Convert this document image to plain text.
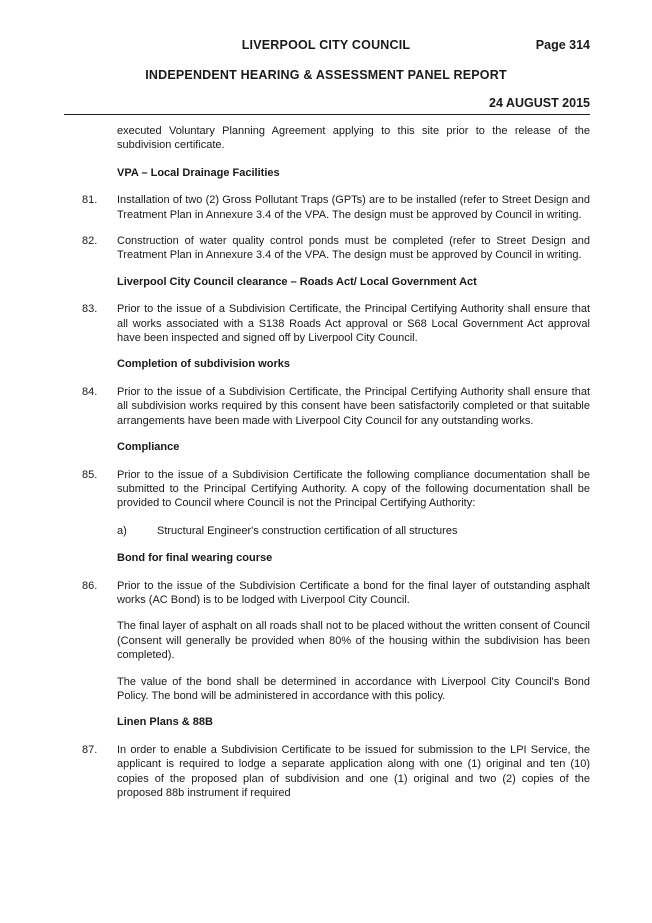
LIVERPOOL CITY COUNCIL	Page 314
INDEPENDENT HEARING & ASSESSMENT PANEL REPORT
24 AUGUST 2015

executed Voluntary Planning Agreement applying to this site prior to the release of the subdivision certificate.

VPA – Local Drainage Facilities

81. Installation of two (2) Gross Pollutant Traps (GPTs) are to be installed (refer to Street Design and Treatment Plan in Annexure 3.4 of the VPA. The design must be approved by Council in writing.

82. Construction of water quality control ponds must be completed (refer to Street Design and Treatment Plan in Annexure 3.4 of the VPA. The design must be approved by Council in writing.

Liverpool City Council clearance – Roads Act/ Local Government Act

83. Prior to the issue of a Subdivision Certificate, the Principal Certifying Authority shall ensure that all works associated with a S138 Roads Act approval or S68 Local Government Act approval have been inspected and signed off by Liverpool City Council.

Completion of subdivision works

84. Prior to the issue of a Subdivision Certificate, the Principal Certifying Authority shall ensure that all subdivision works required by this consent have been satisfactorily completed or that suitable arrangements have been made with Liverpool City Council for any outstanding works.

Compliance

85. Prior to the issue of a Subdivision Certificate the following compliance documentation shall be submitted to the Principal Certifying Authority. A copy of the following documentation shall be provided to Council where Council is not the Principal Certifying Authority:

a)	Structural Engineer's construction certification of all structures

Bond for final wearing course

86. Prior to the issue of the Subdivision Certificate a bond for the final layer of outstanding asphalt works (AC Bond) is to be lodged with Liverpool City Council.

The final layer of asphalt on all roads shall not to be placed without the written consent of Council (Consent will generally be provided when 80% of the housing within the subdivision has been completed).

The value of the bond shall be determined in accordance with Liverpool City Council's Bond Policy. The bond will be administered in accordance with this policy.

Linen Plans & 88B

87. In order to enable a Subdivision Certificate to be issued for submission to the LPI Service, the applicant is required to lodge a separate application along with one (1) original and ten (10) copies of the proposed plan of subdivision and one (1) original and two (2) copies of the proposed 88b instrument if required
